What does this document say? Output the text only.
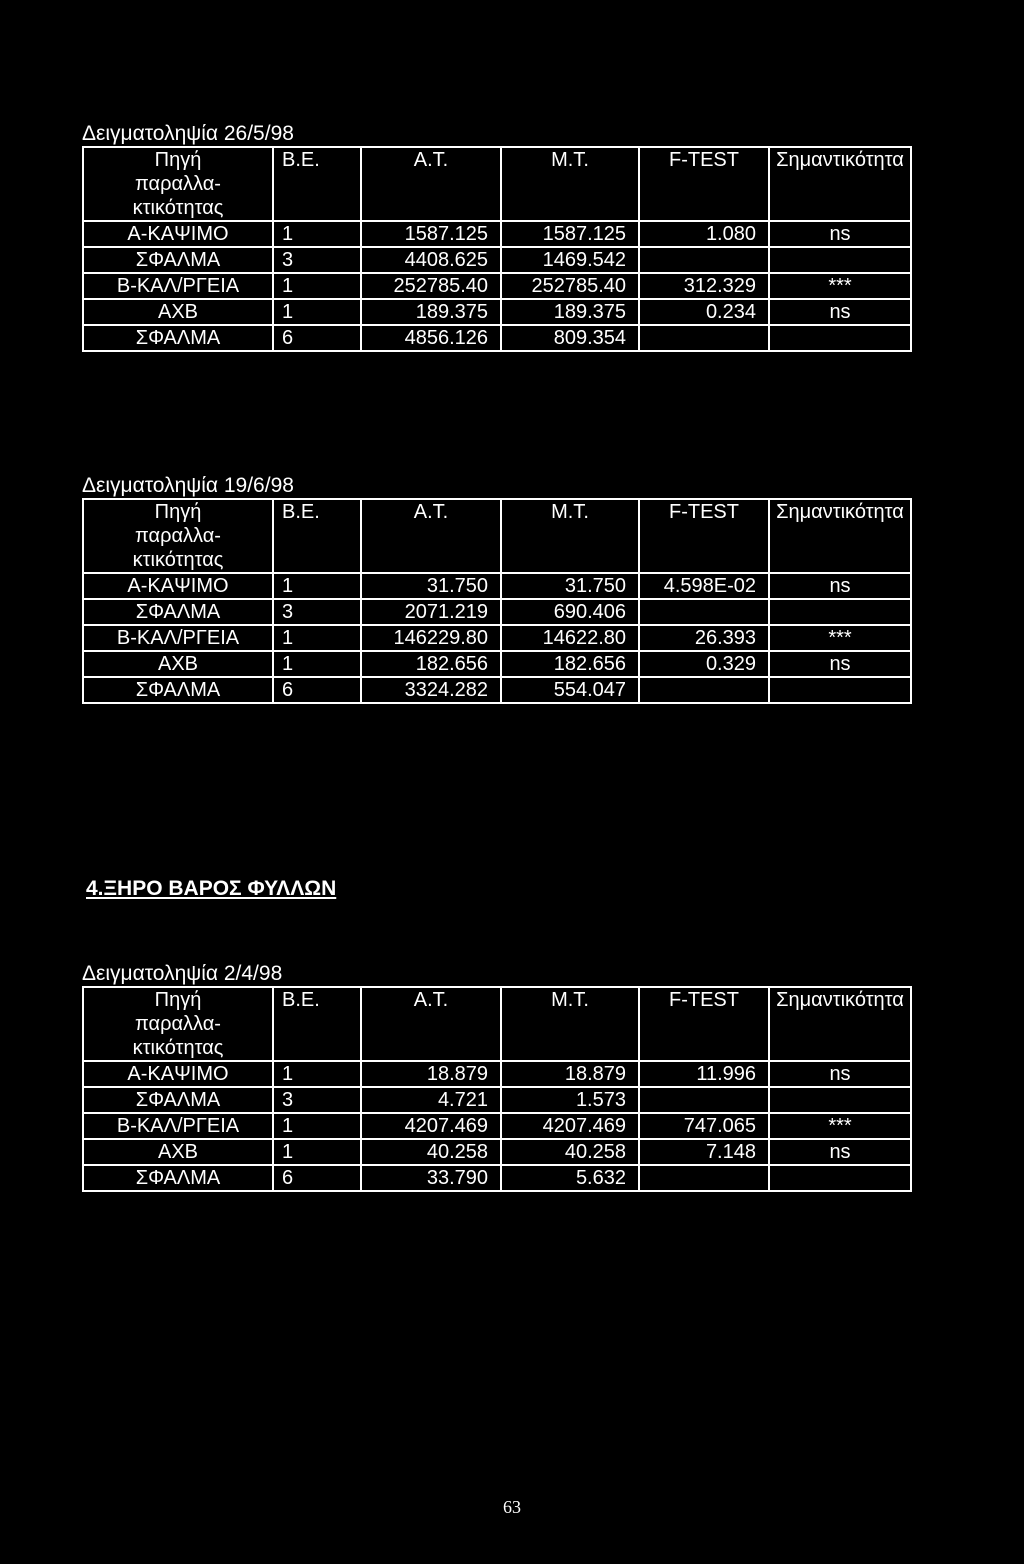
Δειγματοληψία 26/5/98
Πηγή
παραλλα-
κτικότητας	Β.Ε.	Α.Τ.	Μ.Τ.	F-TEST	Σημαντικότητα
Α-ΚΑΨΙΜΟ	1	1587.125	1587.125	1.080	ns
ΣΦΑΛΜΑ	3	4408.625	1469.542		
Β-ΚΑΛ/ΡΓΕΙΑ	1	252785.40	252785.40	312.329	***
ΑΧΒ	1	189.375	189.375	0.234	ns
ΣΦΑΛΜΑ	6	4856.126	809.354		
Δειγματοληψία 19/6/98
Πηγή
παραλλα-
κτικότητας	Β.Ε.	Α.Τ.	Μ.Τ.	F-TEST	Σημαντικότητα
Α-ΚΑΨΙΜΟ	1	31.750	31.750	4.598E-02	ns
ΣΦΑΛΜΑ	3	2071.219	690.406		
Β-ΚΑΛ/ΡΓΕΙΑ	1	146229.80	14622.80	26.393	***
ΑΧΒ	1	182.656	182.656	0.329	ns
ΣΦΑΛΜΑ	6	3324.282	554.047		
4.ΞΗΡΟ ΒΑΡΟΣ ΦΥΛΛΩΝ
Δειγματοληψία 2/4/98
Πηγή
παραλλα-
κτικότητας	Β.Ε.	Α.Τ.	Μ.Τ.	F-TEST	Σημαντικότητα
Α-ΚΑΨΙΜΟ	1	18.879	18.879	11.996	ns
ΣΦΑΛΜΑ	3	4.721	1.573		
Β-ΚΑΛ/ΡΓΕΙΑ	1	4207.469	4207.469	747.065	***
ΑΧΒ	1	40.258	40.258	7.148	ns
ΣΦΑΛΜΑ	6	33.790	5.632		
63
